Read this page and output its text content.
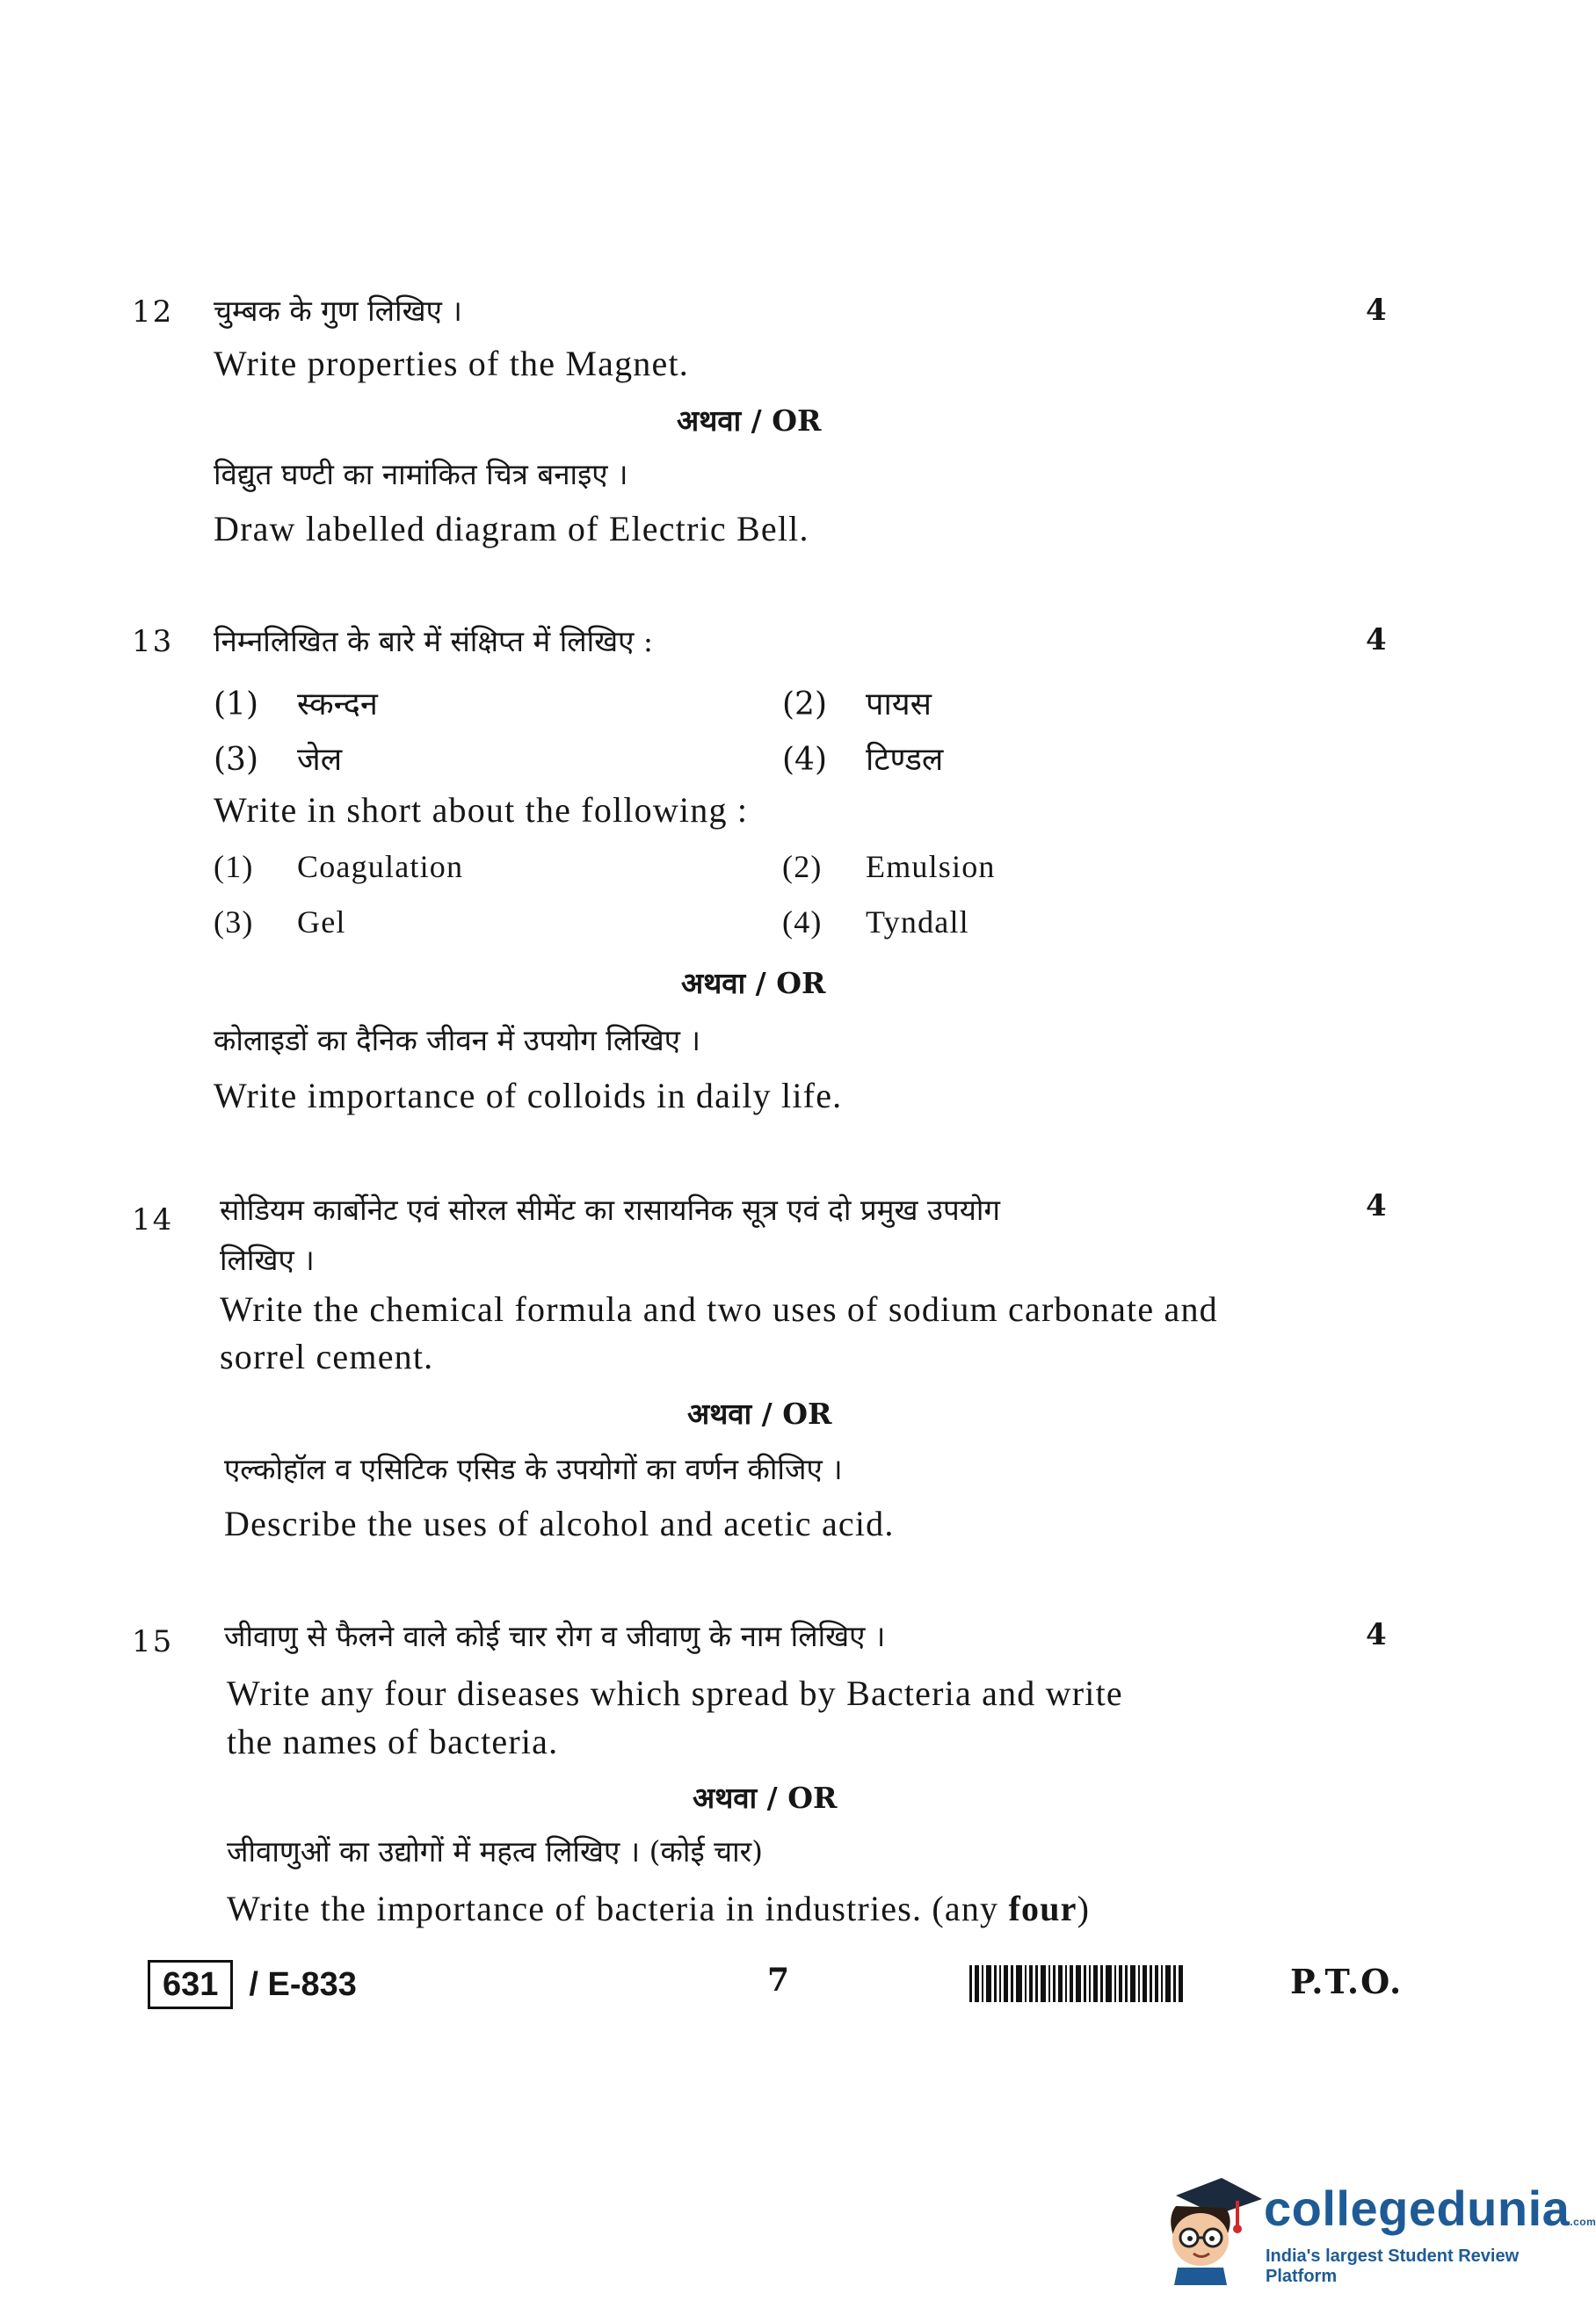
12	4
चुम्बक के गुण लिखिए ।
Write properties of the Magnet.
अथवा / OR
विद्युत घण्टी का नामांकित चित्र बनाइए ।
Draw labelled diagram of Electric Bell.
13	4
निम्नलिखित के बारे में संक्षिप्त में लिखिए :
(1) स्कन्दन	(2) पायस
(3) जेल	(4) टिण्डल
Write in short about the following :
(1) Coagulation	(2) Emulsion
(3) Gel	(4) Tyndall
अथवा / OR
कोलाइडों का दैनिक जीवन में उपयोग लिखिए ।
Write importance of colloids in daily life.
14	4
सोडियम कार्बोनेट एवं सोरल सीमेंट का रासायनिक सूत्र एवं दो प्रमुख उपयोग
लिखिए ।
Write the chemical formula and two uses of sodium carbonate and
sorrel cement.
अथवा / OR
एल्कोहॉल व एसिटिक एसिड के उपयोगों का वर्णन कीजिए ।
Describe the uses of alcohol and acetic acid.
15	4
जीवाणु से फैलने वाले कोई चार रोग व जीवाणु के नाम लिखिए ।
Write any four diseases which spread by Bacteria and write
the names of bacteria.
अथवा / OR
जीवाणुओं का उद्योगों में महत्व लिखिए । (कोई चार)
Write the importance of bacteria in industries. (any four)
631 / E-833	7	P.T.O.
collegedunia.com
India's largest Student Review Platform
